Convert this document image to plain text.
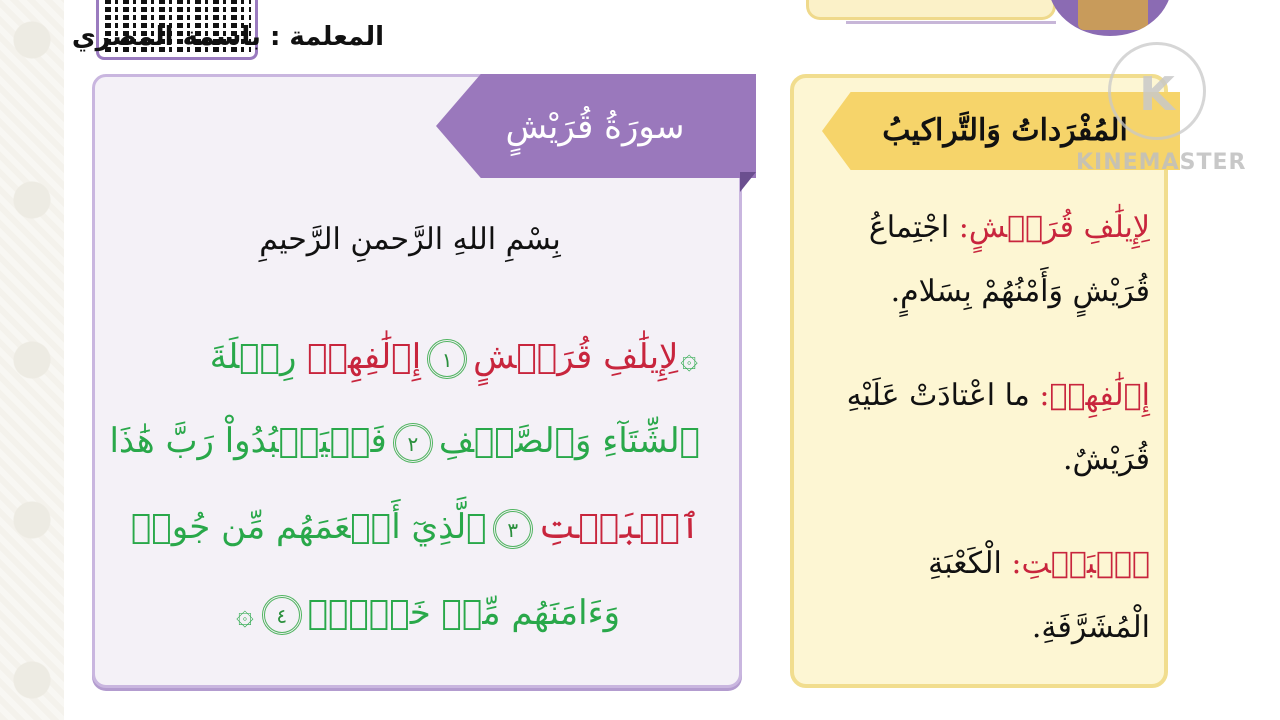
المعلمة : باسمة المصري
سورَةُ قُرَيْشٍ
بِسْمِ اللهِ الرَّحمنِ الرَّحيمِ
۞لِإِيلَٰفِ قُرَيۡشٍ١إِۦلَٰفِهِمۡ رِحۡلَةَ
ٱلشِّتَآءِ وَٱلصَّيۡفِ٢فَلۡيَعۡبُدُواْ رَبَّ هَٰذَا
ٱلۡبَيۡتِ٣ٱلَّذِيٓ أَطۡعَمَهُم مِّن جُوعٖ
وَءَامَنَهُم مِّنۡ خَوۡفِۭ٤۞
المُفْرَداتُ وَالتَّراكيبُ
لِإِيلَٰفِ قُرَيۡشٍ: اجْتِماعُ قُرَيْشٍ وَأَمْنُهُمْ بِسَلامٍ.
إِۦلَٰفِهِمۡ: ما اعْتادَتْ عَلَيْهِ قُرَيْشٌ.
ٱلۡبَيۡتِ: الْكَعْبَةِ الْمُشَرَّفَةِ.
K
KINEMASTER
